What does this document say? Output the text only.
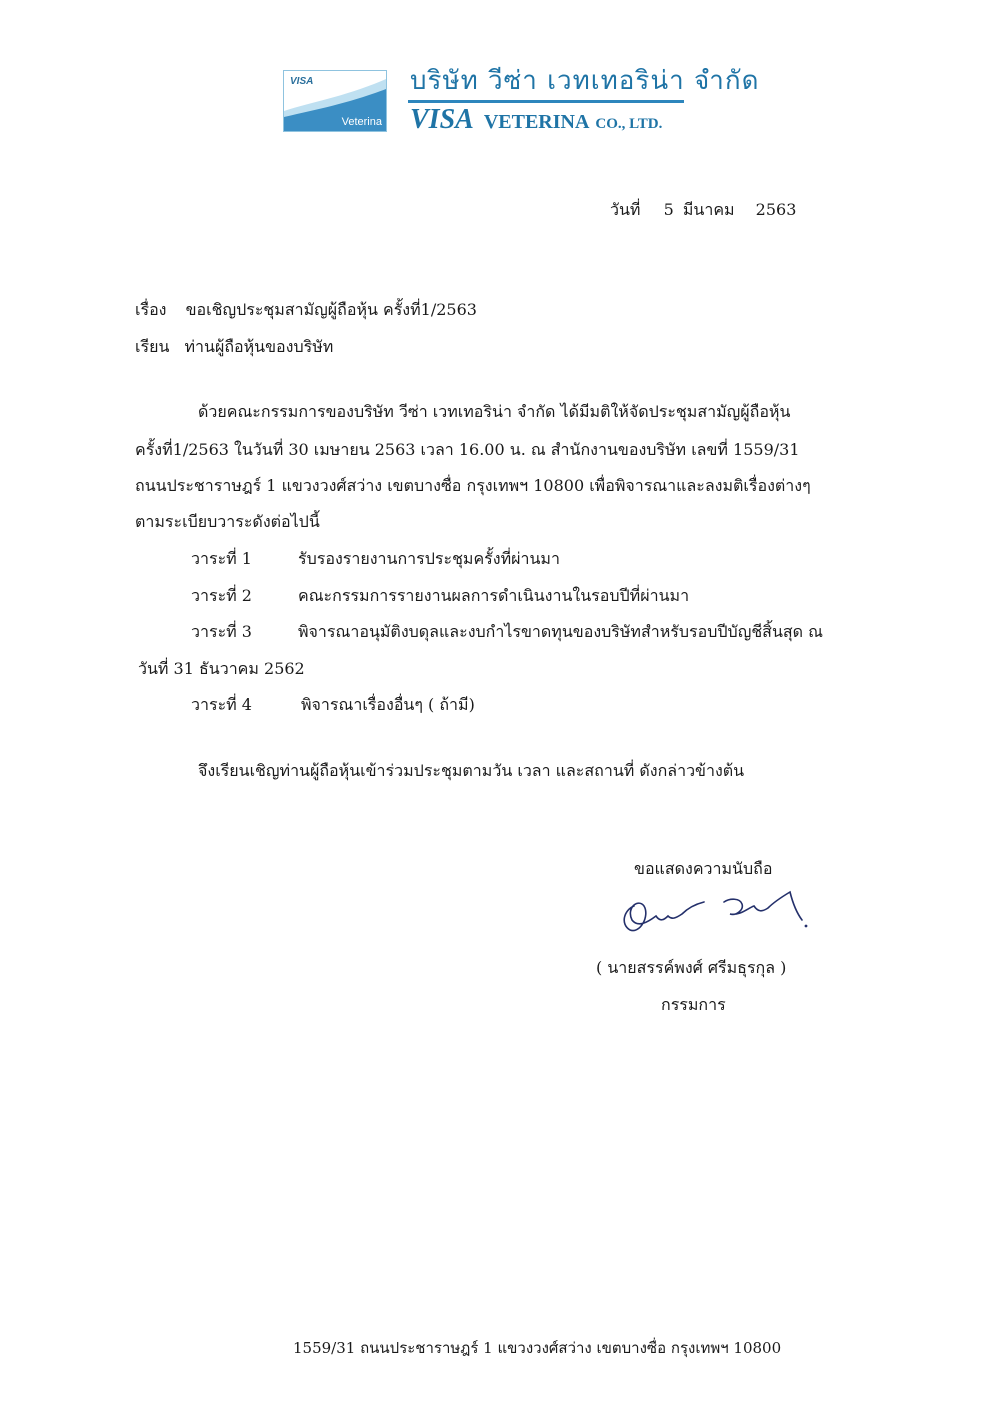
VISA
Veterina
บริษัท วีซ่า เวทเทอริน่า จำกัด
VISA VETERINA CO., LTD.
วันที่ 5 มีนาคม 2563
เรื่อง ขอเชิญประชุมสามัญผู้ถือหุ้น ครั้งที่1/2563
เรียน ท่านผู้ถือหุ้นของบริษัท
ด้วยคณะกรรมการของบริษัท วีซ่า เวทเทอริน่า จำกัด ได้มีมติให้จัดประชุมสามัญผู้ถือหุ้น
ครั้งที่1/2563 ในวันที่ 30 เมษายน 2563 เวลา 16.00 น. ณ สำนักงานของบริษัท เลขที่ 1559/31
ถนนประชาราษฎร์ 1 แขวงวงศ์สว่าง เขตบางซื่อ กรุงเทพฯ 10800 เพื่อพิจารณาและลงมติเรื่องต่างๆ
ตามระเบียบวาระดังต่อไปนี้
วาระที่ 1	รับรองรายงานการประชุมครั้งที่ผ่านมา
วาระที่ 2	คณะกรรมการรายงานผลการดำเนินงานในรอบปีที่ผ่านมา
วาระที่ 3	พิจารณาอนุมัติงบดุลและงบกำไรขาดทุนของบริษัทสำหรับรอบปีบัญชีสิ้นสุด ณ
วันที่ 31 ธันวาคม 2562
วาระที่ 4	พิจารณาเรื่องอื่นๆ ( ถ้ามี)
จึงเรียนเชิญท่านผู้ถือหุ้นเข้าร่วมประชุมตามวัน เวลา และสถานที่ ดังกล่าวข้างต้น
ขอแสดงความนับถือ
( นายสรรค์พงศ์ ศรีมธุรกุล )
กรรมการ
1559/31 ถนนประชาราษฎร์ 1 แขวงวงศ์สว่าง เขตบางซื่อ กรุงเทพฯ 10800
